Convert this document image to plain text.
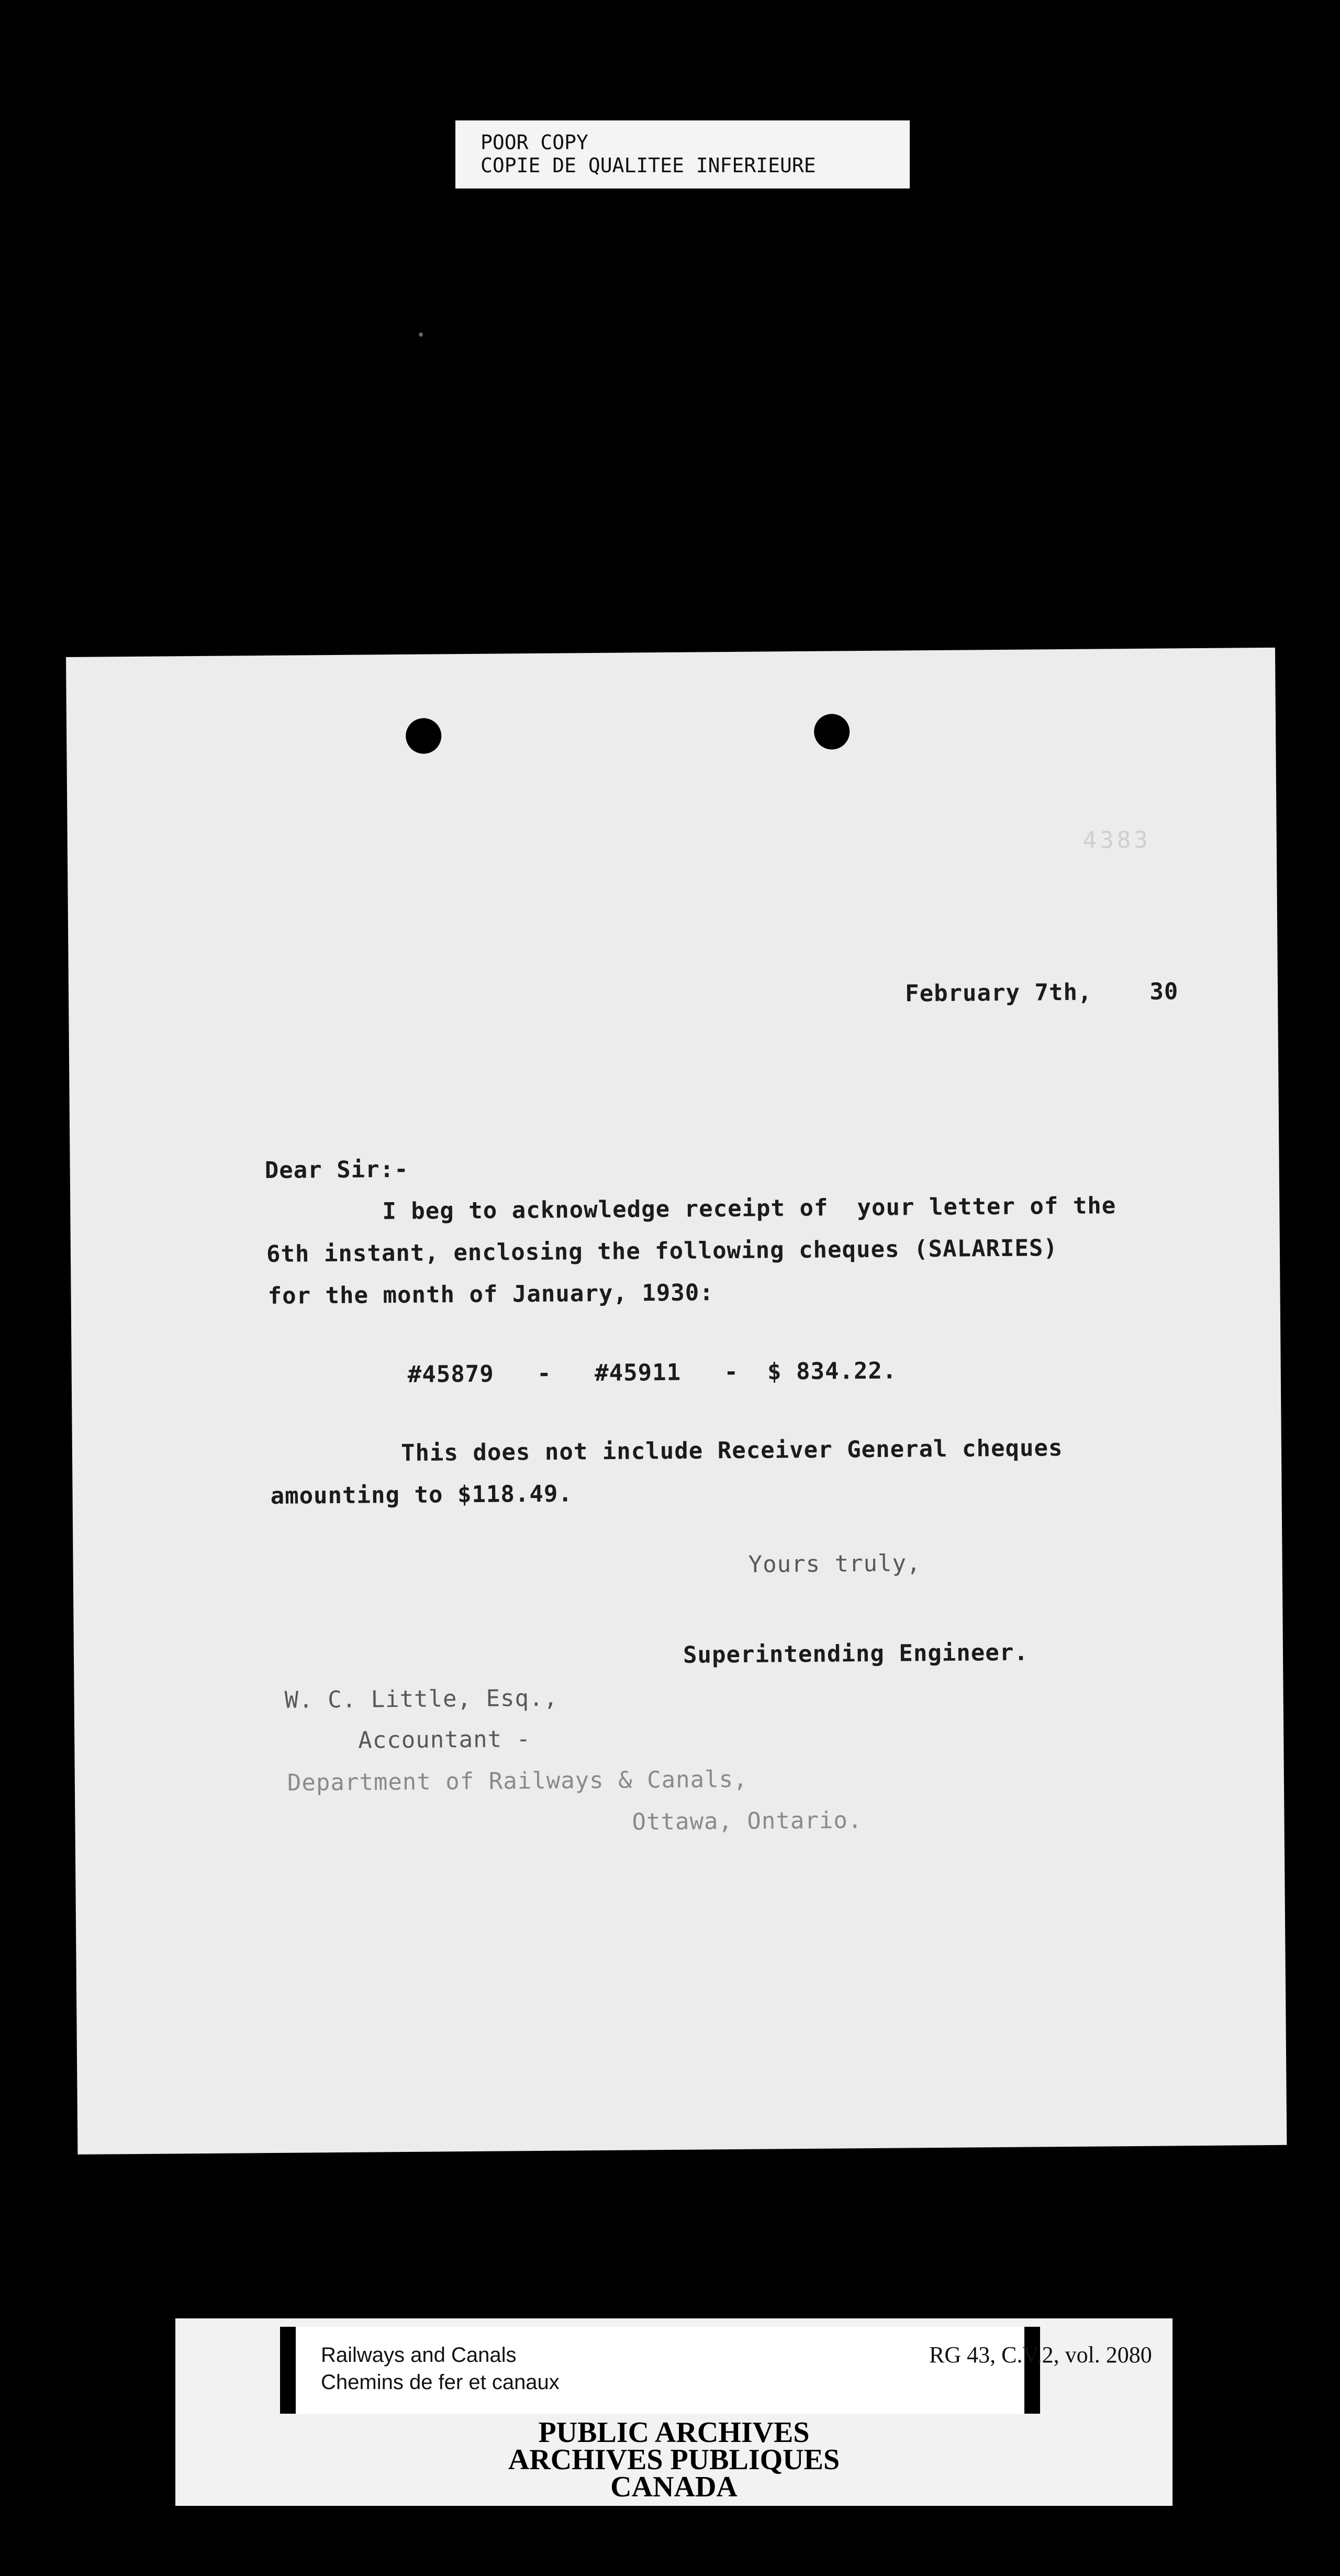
POOR COPY
COPIE DE QUALITEE INFERIEURE
4383
February 7th,    30
Dear Sir:-
I beg to acknowledge receipt of  your letter of the
6th instant, enclosing the following cheques (SALARIES)
for the month of January, 1930:
#45879   -   #45911   -  $ 834.22.
This does not include Receiver General cheques
amounting to $118.49.
Yours truly,
Superintending Engineer.
W. C. Little, Esq.,
Accountant -
Department of Railways & Canals,
Ottawa, Ontario.
Railways and Canals
Chemins de fer et canaux
RG 43, C.V.2, vol. 2080
PUBLIC ARCHIVES
ARCHIVES PUBLIQUES
CANADA
